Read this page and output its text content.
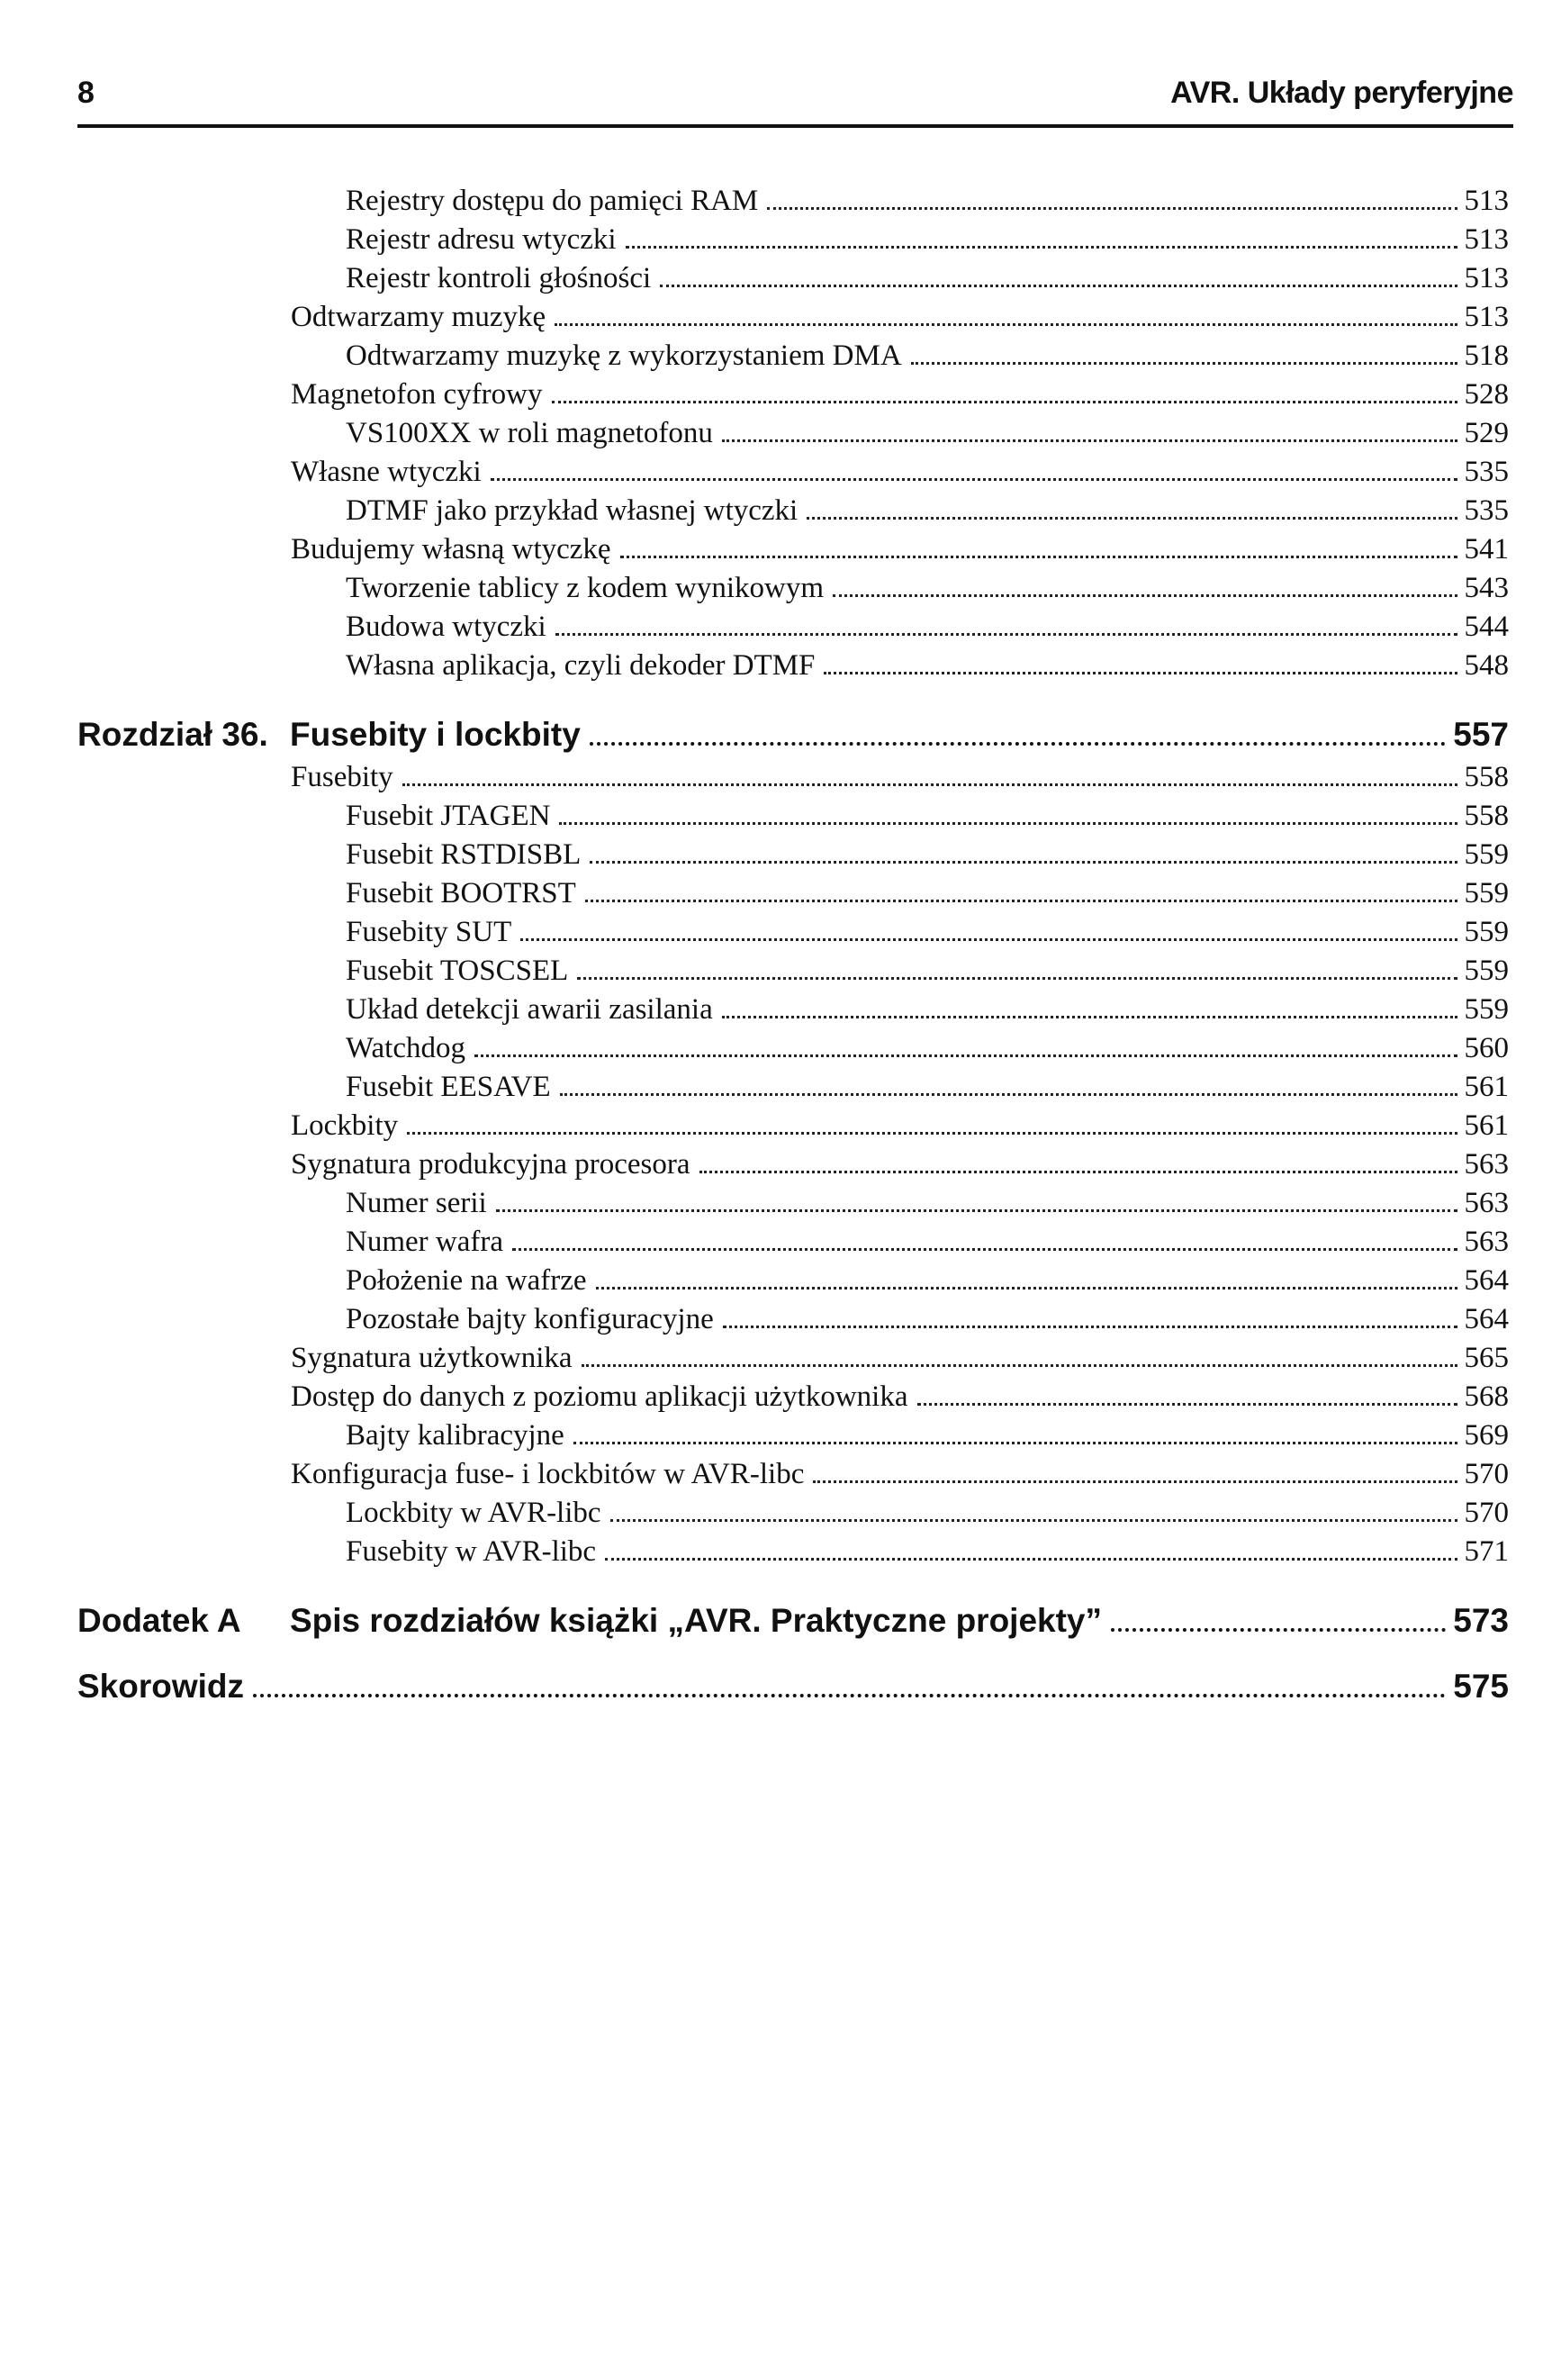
8	AVR. Układy peryferyjne
Rejestry dostępu do pamięci RAM	513
Rejestr adresu wtyczki	513
Rejestr kontroli głośności	513
Odtwarzamy muzykę	513
Odtwarzamy muzykę z wykorzystaniem DMA	518
Magnetofon cyfrowy	528
VS100XX w roli magnetofonu	529
Własne wtyczki	535
DTMF jako przykład własnej wtyczki	535
Budujemy własną wtyczkę	541
Tworzenie tablicy z kodem wynikowym	543
Budowa wtyczki	544
Własna aplikacja, czyli dekoder DTMF	548
Rozdział 36. Fusebity i lockbity	557
Fusebity	558
Fusebit JTAGEN	558
Fusebit RSTDISBL	559
Fusebit BOOTRST	559
Fusebity SUT	559
Fusebit TOSCSEL	559
Układ detekcji awarii zasilania	559
Watchdog	560
Fusebit EESAVE	561
Lockbity	561
Sygnatura produkcyjna procesora	563
Numer serii	563
Numer wafra	563
Położenie na wafrze	564
Pozostałe bajty konfiguracyjne	564
Sygnatura użytkownika	565
Dostęp do danych z poziomu aplikacji użytkownika	568
Bajty kalibracyjne	569
Konfiguracja fuse- i lockbitów w AVR-libc	570
Lockbity w AVR-libc	570
Fusebity w AVR-libc	571
Dodatek A	Spis rozdziałów książki „AVR. Praktyczne projekty”	573
Skorowidz	575
